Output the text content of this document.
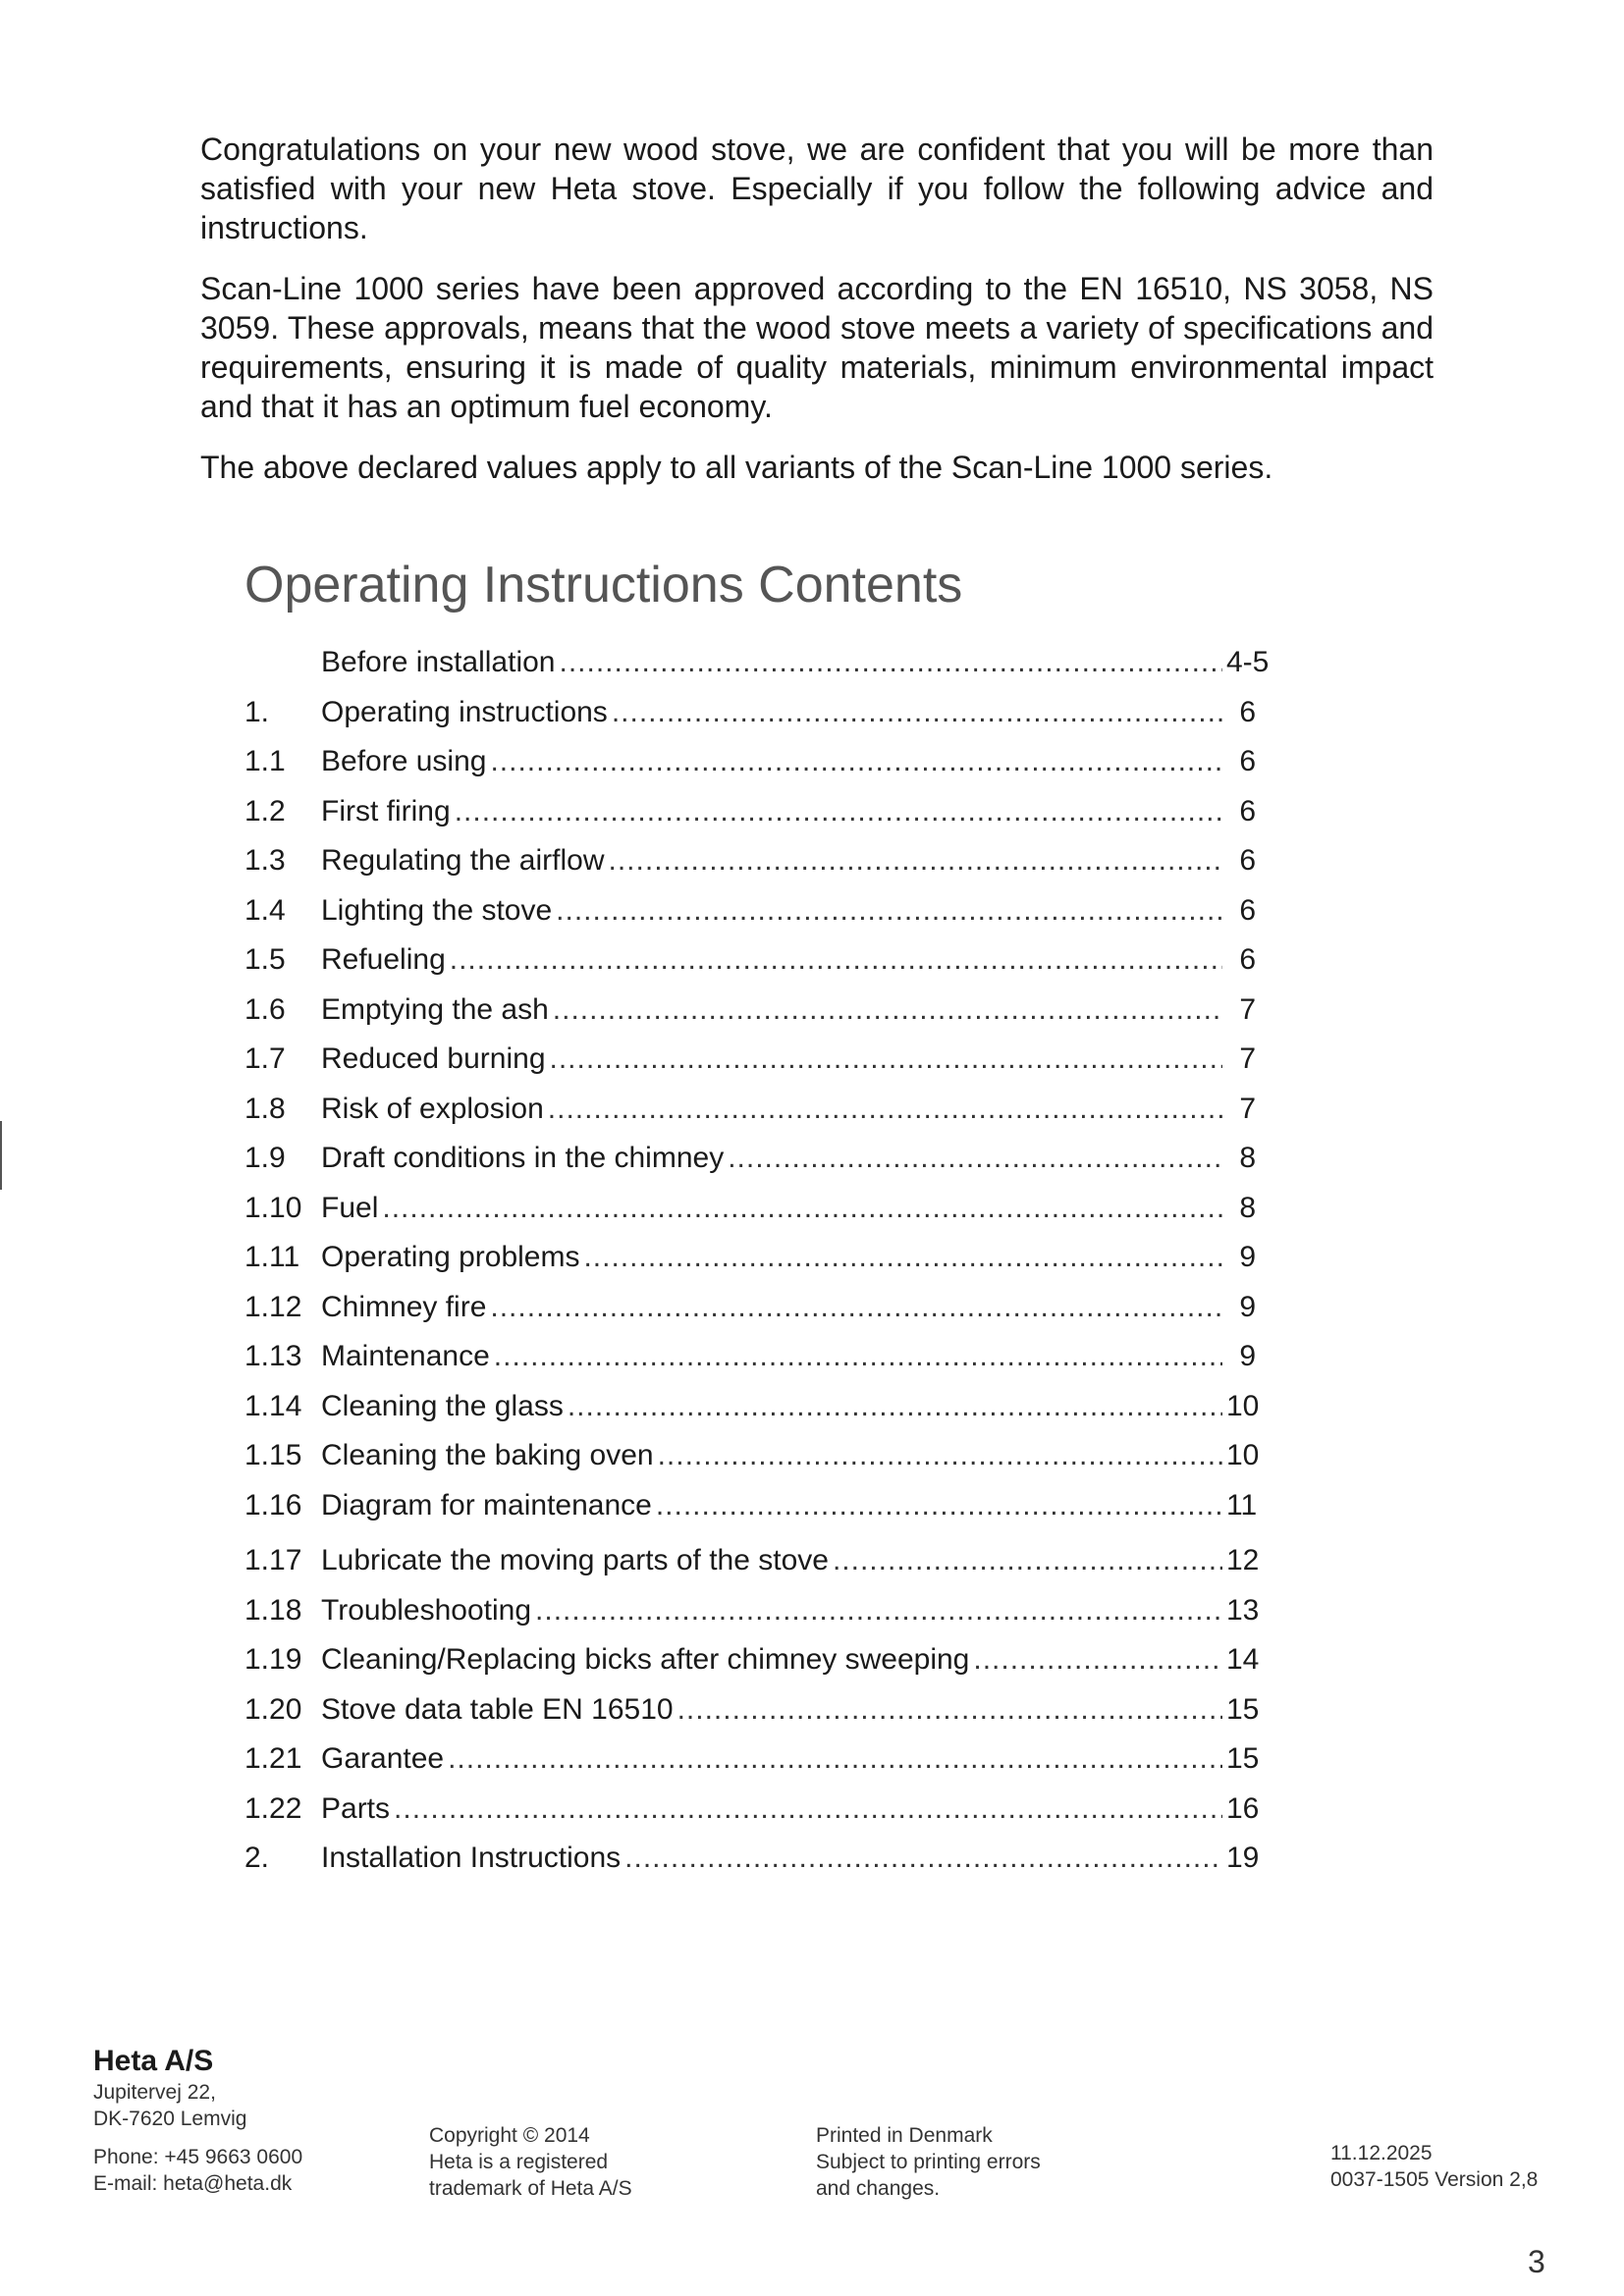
Congratulations on your new wood stove, we are confident that you will be more than satisfied with your new Heta stove. Especially if you follow the following advice and instructions.

Scan-Line 1000 series have been approved according to the EN 16510, NS 3058, NS 3059. These approvals, means that the wood stove meets a variety of specifications and requirements, ensuring it is made of quality materials, minimum environmental impact and that it has an optimum fuel economy.

The above declared values apply to all variants of the Scan-Line 1000 series.

Operating Instructions Contents
Before installation .....	4-5
1.	Operating instructions .....	6
1.1	Before using .....	6
1.2	First firing .....	6
1.3	Regulating the airflow .....	6
1.4	Lighting the stove .....	6
1.5	Refueling .....	6
1.6	Emptying the ash .....	7
1.7	Reduced burning .....	7
1.8	Risk of explosion .....	7
1.9	Draft conditions in the chimney .....	8
1.10 Fuel .....	8
1.11 Operating problems .....	9
1.12 Chimney fire .....	9
1.13 Maintenance .....	9
1.14 Cleaning the glass .....	10
1.15 Cleaning the baking oven .....	10
1.16 Diagram for maintenance .....	11
1.17 Lubricate the moving parts of the stove .....	12
1.18 Troubleshooting .....	13
1.19 Cleaning/Replacing bicks after chimney sweeping .....	14
1.20 Stove data table EN 16510 .....	15
1.21 Garantee .....	15
1.22 Parts .....	16
2.	Installation Instructions .....	19
Heta A/S
Jupitervej 22,
DK-7620 Lemvig
Phone: +45 9663 0600
E-mail: heta@heta.dk
Copyright © 2014
Heta is a registered
trademark of Heta A/S
Printed in Denmark
Subject to printing errors
and changes.
11.12.2025
0037-1505 Version 2,8
3
